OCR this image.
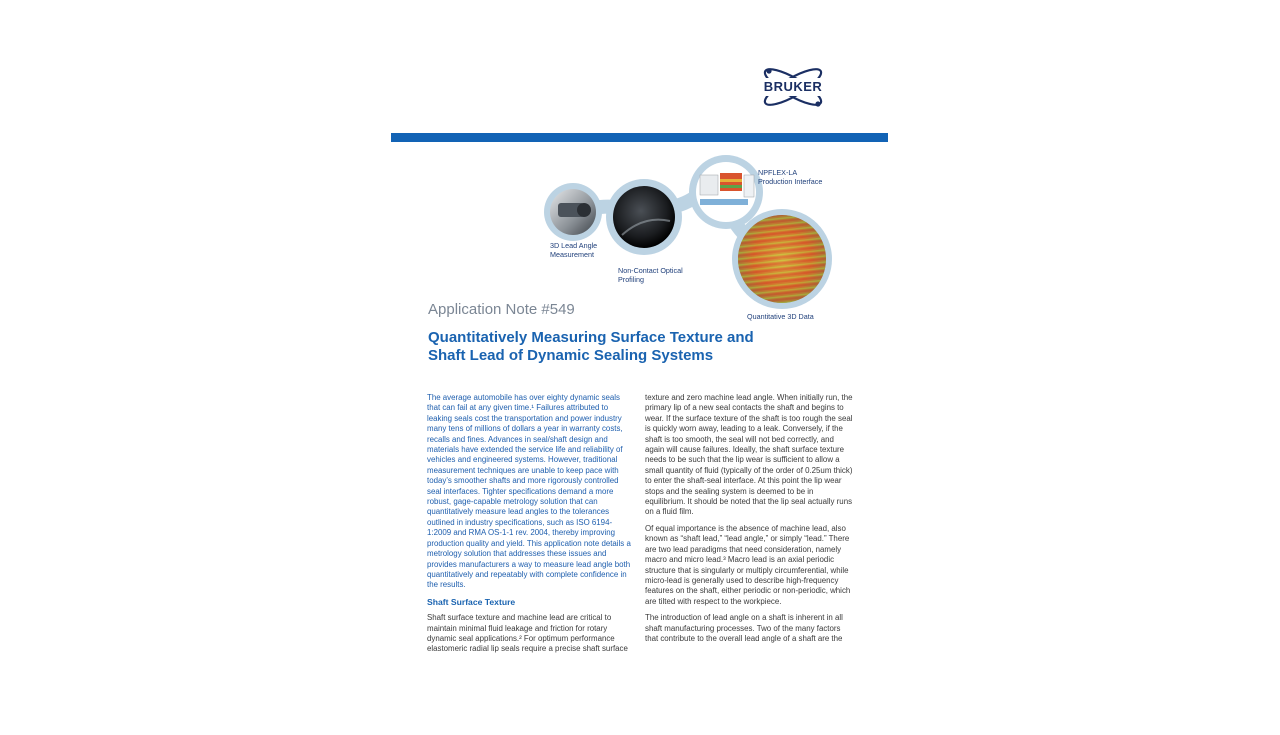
BRUKER
3D Lead Angle
Measurement
Non-Contact Optical
Profiling
NPFLEX-LA
Production Interface
Quantitative 3D Data
Application Note #549
Quantitatively Measuring Surface Texture and
Shaft Lead of Dynamic Sealing Systems

The average automobile has over eighty dynamic seals that can fail at any given time.¹ Failures attributed to leaking seals cost the transportation and power industry many tens of millions of dollars a year in warranty costs, recalls and fines. Advances in seal/shaft design and materials have extended the service life and reliability of vehicles and engineered systems. However, traditional measurement techniques are unable to keep pace with today’s smoother shafts and more rigorously controlled seal interfaces. Tighter specifications demand a more robust, gage-capable metrology solution that can quantitatively measure lead angles to the tolerances outlined in industry specifications, such as ISO 6194-1:2009 and RMA OS-1-1 rev. 2004, thereby improving production quality and yield. This application note details a metrology solution that addresses these issues and provides manufacturers a way to measure lead angle both quantitatively and repeatably with complete confidence in the results.

Shaft Surface Texture

Shaft surface texture and machine lead are critical to maintain minimal fluid leakage and friction for rotary dynamic seal applications.² For optimum performance elastomeric radial lip seals require a precise shaft surface

texture and zero machine lead angle. When initially run, the primary lip of a new seal contacts the shaft and begins to wear. If the surface texture of the shaft is too rough the seal is quickly worn away, leading to a leak. Conversely, if the shaft is too smooth, the seal will not bed correctly, and again will cause failures. Ideally, the shaft surface texture needs to be such that the lip wear is sufficient to allow a small quantity of fluid (typically of the order of 0.25um thick) to enter the shaft-seal interface. At this point the lip wear stops and the sealing system is deemed to be in equilibrium. It should be noted that the lip seal actually runs on a fluid film.

Of equal importance is the absence of machine lead, also known as “shaft lead,” “lead angle,” or simply “lead.” There are two lead paradigms that need consideration, namely macro and micro lead.³ Macro lead is an axial periodic structure that is singularly or multiply circumferential, while micro-lead is generally used to describe high-frequency features on the shaft, either periodic or non-periodic, which are tilted with respect to the workpiece.

The introduction of lead angle on a shaft is inherent in all shaft manufacturing processes. Two of the many factors that contribute to the overall lead angle of a shaft are the
